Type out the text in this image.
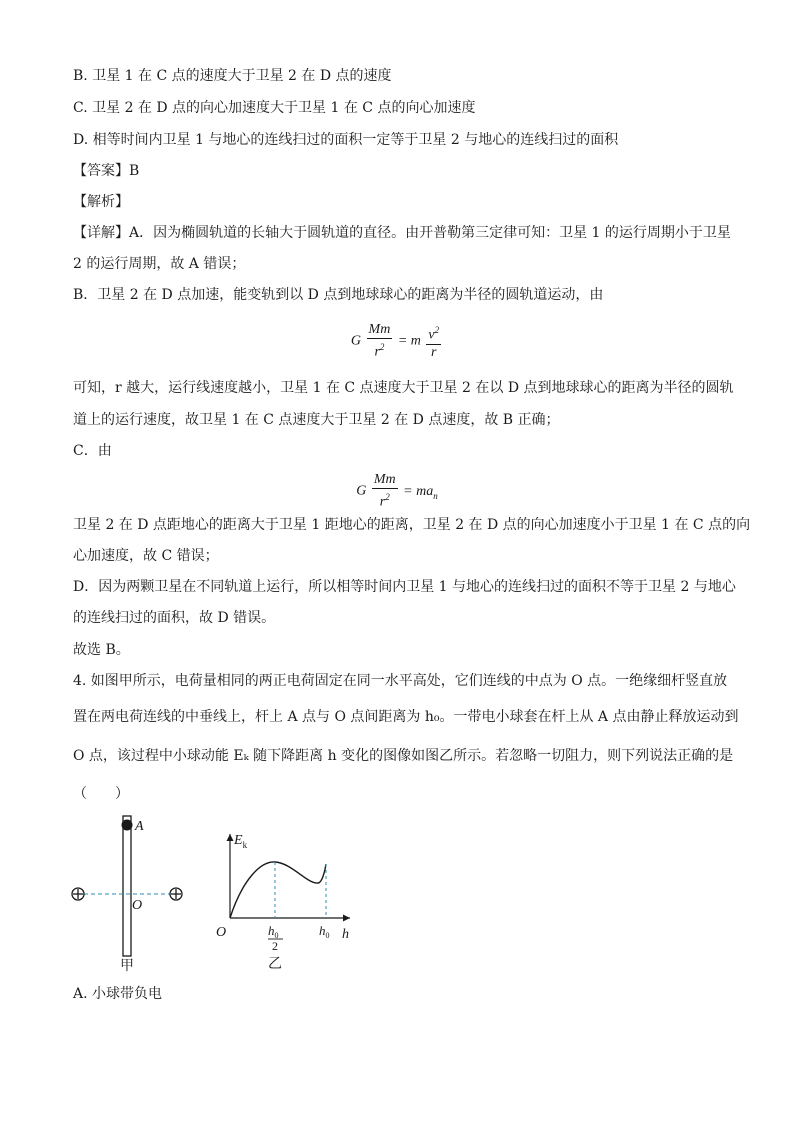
B. 卫星 1 在 C 点的速度大于卫星 2 在 D 点的速度
C. 卫星 2 在 D 点的向心加速度大于卫星 1 在 C 点的向心加速度
D. 相等时间内卫星 1 与地心的连线扫过的面积一定等于卫星 2 与地心的连线扫过的面积
【答案】B
【解析】
【详解】A．因为椭圆轨道的长轴大于圆轨道的直径。由开普勒第三定律可知：卫星 1 的运行周期小于卫星
2 的运行周期，故 A 错误；
B．卫星 2 在 D 点加速，能变轨到以 D 点到地球球心的距离为半径的圆轨道运动，由
G $\frac{Mm}{r^2} = m \frac{v^2}{r}$
可知，r 越大，运行线速度越小，卫星 1 在 C 点速度大于卫星 2 在以 D 点到地球球心的距离为半径的圆轨
道上的运行速度，故卫星 1 在 C 点速度大于卫星 2 在 D 点速度，故 B 正确；
C．由
G $\frac{Mm}{r^2} = ma_n$
卫星 2 在 D 点距地心的距离大于卫星 1 距地心的距离，卫星 2 在 D 点的向心加速度小于卫星 1 在 C 点的向
心加速度，故 C 错误；
D．因为两颗卫星在不同轨道上运行，所以相等时间内卫星 1 与地心的连线扫过的面积不等于卫星 2 与地心
的连线扫过的面积，故 D 错误。
故选 B。
4. 如图甲所示，电荷量相同的两正电荷固定在同一水平高处，它们连线的中点为 O 点。一绝缘细杆竖直放
置在两电荷连线的中垂线上，杆上 A 点与 O 点间距离为 h₀。一带电小球套在杆上从 A 点由静止释放运动到
O 点，该过程中小球动能 Eₖ 随下降距离 h 变化的图像如图乙所示。若忽略一切阻力，则下列说法正确的是
（　　）
A
O
甲
$E_k$
O	h
$h_0$
2
$h_0$
乙
A. 小球带负电
